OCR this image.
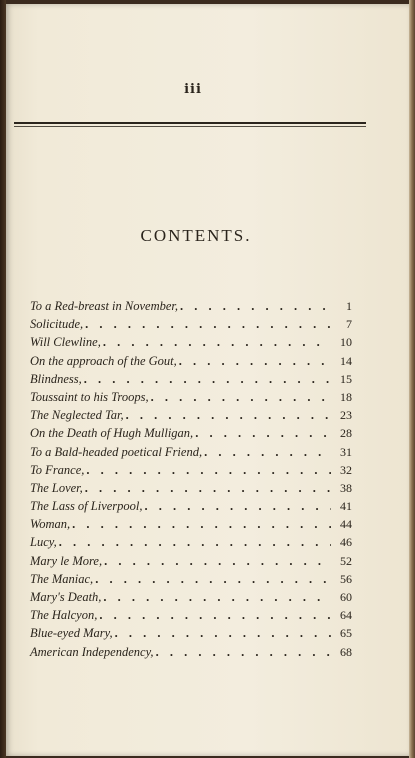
iii
CONTENTS.
To a Red-breast in November, . . .	1
Solicitude, . . .	7
Will Clewline, . . .	10
On the approach of the Gout, . . .	14
Blindness, . . .	15
Toussaint to his Troops, . . .	18
The Neglected Tar, . . .	23
On the Death of Hugh Mulligan, . . .	28
To a Bald-headed poetical Friend, . . .	31
To France, . . .	32
The Lover, . . .	38
The Lass of Liverpool, . . .	41
Woman, . . .	44
Lucy, . . .	46
Mary le More, . . .	52
The Maniac, . . .	56
Mary's Death, . . .	60
The Halcyon, . . .	64
Blue-eyed Mary, . . .	65
American Independency, . . .	68
